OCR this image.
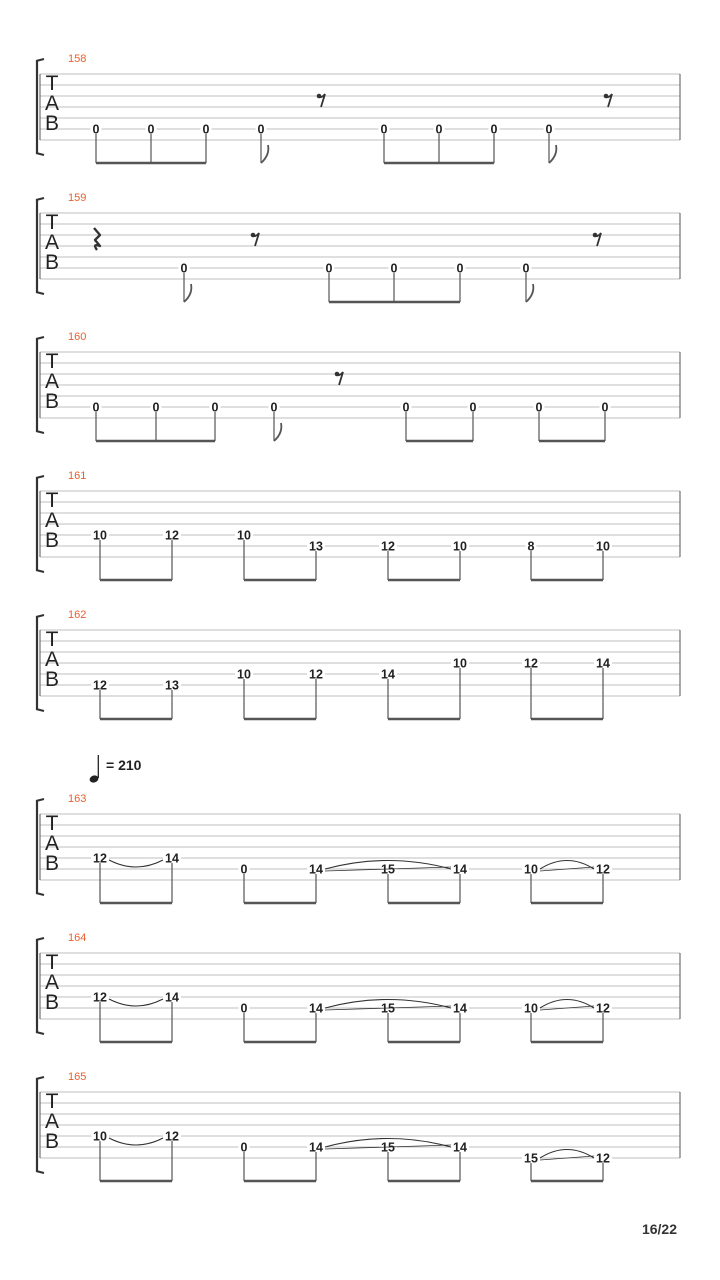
= 210
T
A
B
158
0	0	0	0	0	0	0	0
T
A
B
159
0	0	0	0	0
T
A
B
160
0	0	0	0	0	0	0	0
T
A
B
161
10	12	10
13	12	10	8	10
T
A
B
162
12	13
10	12	14
10	12	14
T
A
B
163
12	14
0	14	15	14	10	12
T
A
B
164
12	14
0	14	15	14	10	12
T
A
B
165
10	12
0	14	15	14
15	12
16/22
